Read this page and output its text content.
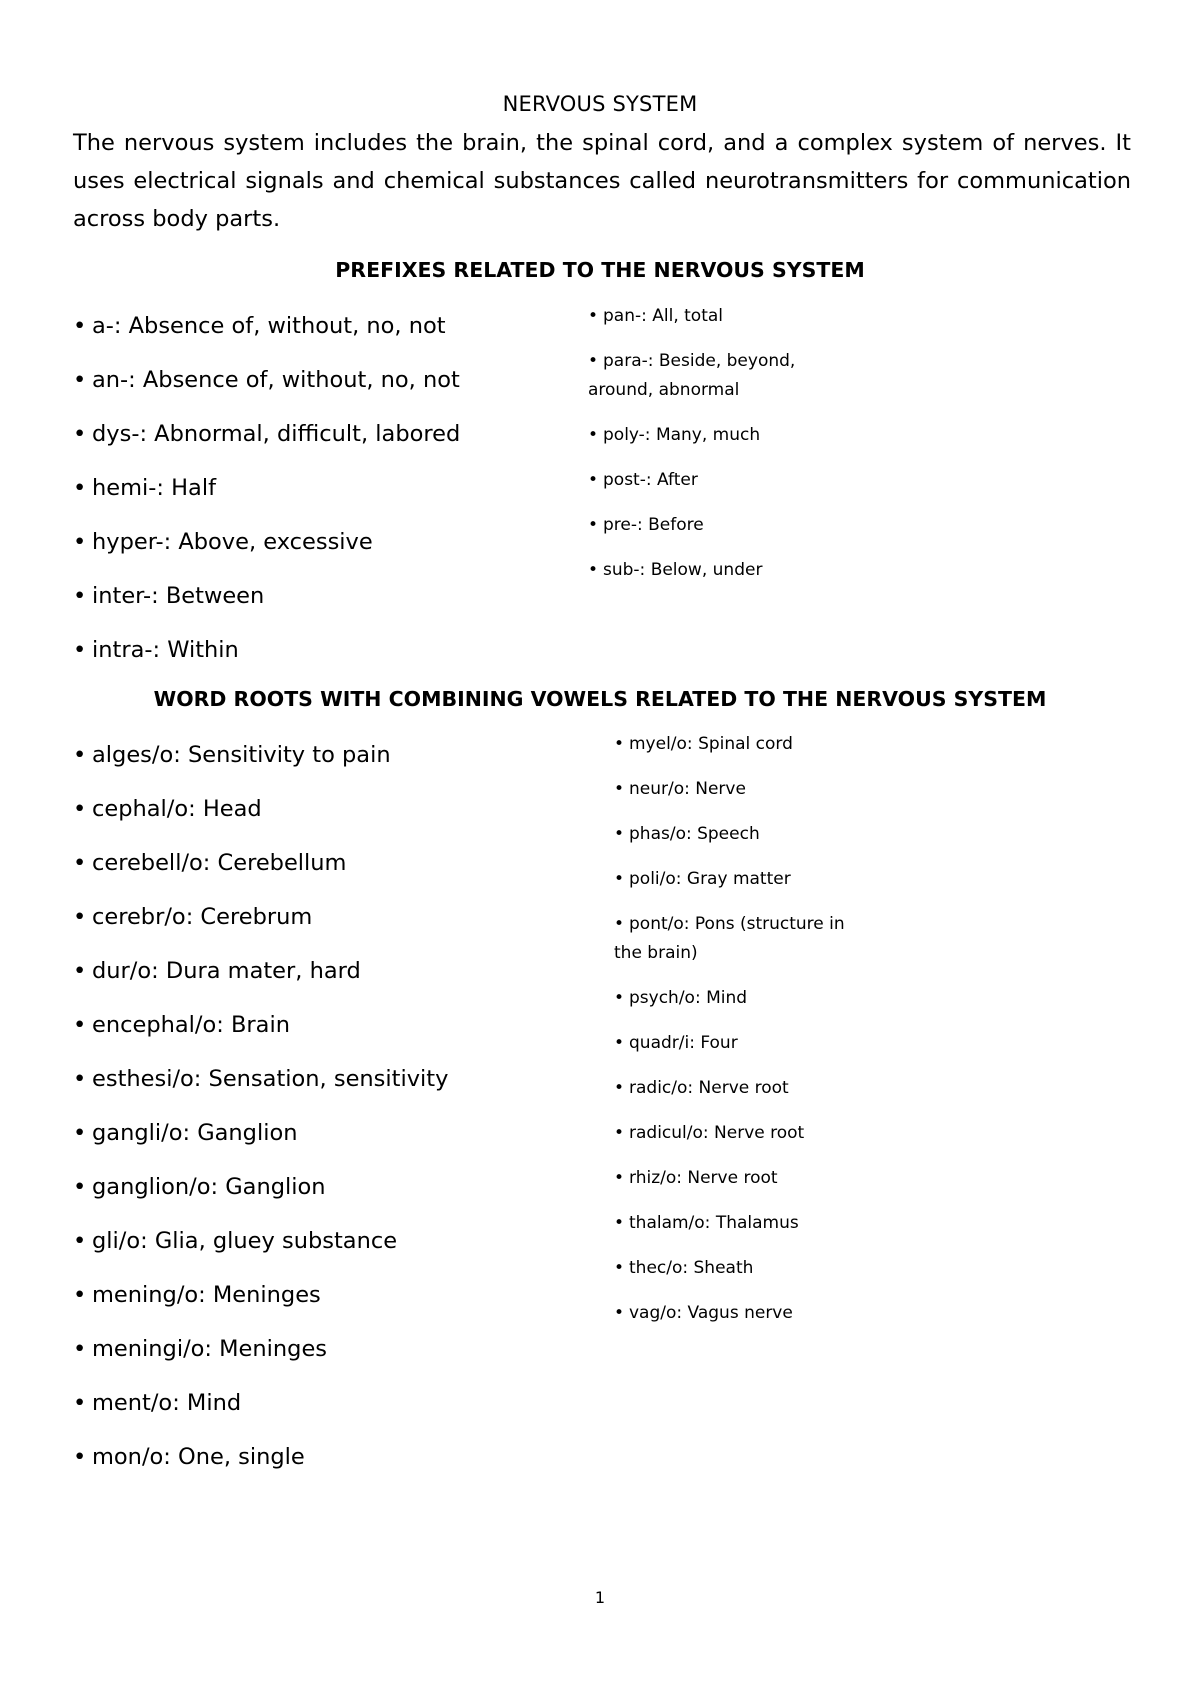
NERVOUS SYSTEM

The nervous system includes the brain, the spinal cord, and a complex system of nerves. It uses electrical signals and chemical substances called neurotransmitters for communication across body parts.

PREFIXES RELATED TO THE NERVOUS SYSTEM
• a-: Absence of, without, no, not
• an-: Absence of, without, no, not
• dys-: Abnormal, difficult, labored
• hemi-: Half
• hyper-: Above, excessive
• inter-: Between
• intra-: Within
• pan-: All, total
• para-: Beside, beyond, around, abnormal
• poly-: Many, much
• post-: After
• pre-: Before
• sub-: Below, under
WORD ROOTS WITH COMBINING VOWELS RELATED TO THE NERVOUS SYSTEM
• alges/o: Sensitivity to pain
• cephal/o: Head
• cerebell/o: Cerebellum
• cerebr/o: Cerebrum
• dur/o: Dura mater, hard
• encephal/o: Brain
• esthesi/o: Sensation, sensitivity
• gangli/o: Ganglion
• ganglion/o: Ganglion
• gli/o: Glia, gluey substance
• mening/o: Meninges
• meningi/o: Meninges
• ment/o: Mind
• mon/o: One, single
• myel/o: Spinal cord
• neur/o: Nerve
• phas/o: Speech
• poli/o: Gray matter
• pont/o: Pons (structure in the brain)
• psych/o: Mind
• quadr/i: Four
• radic/o: Nerve root
• radicul/o: Nerve root
• rhiz/o: Nerve root
• thalam/o: Thalamus
• thec/o: Sheath
• vag/o: Vagus nerve
1
